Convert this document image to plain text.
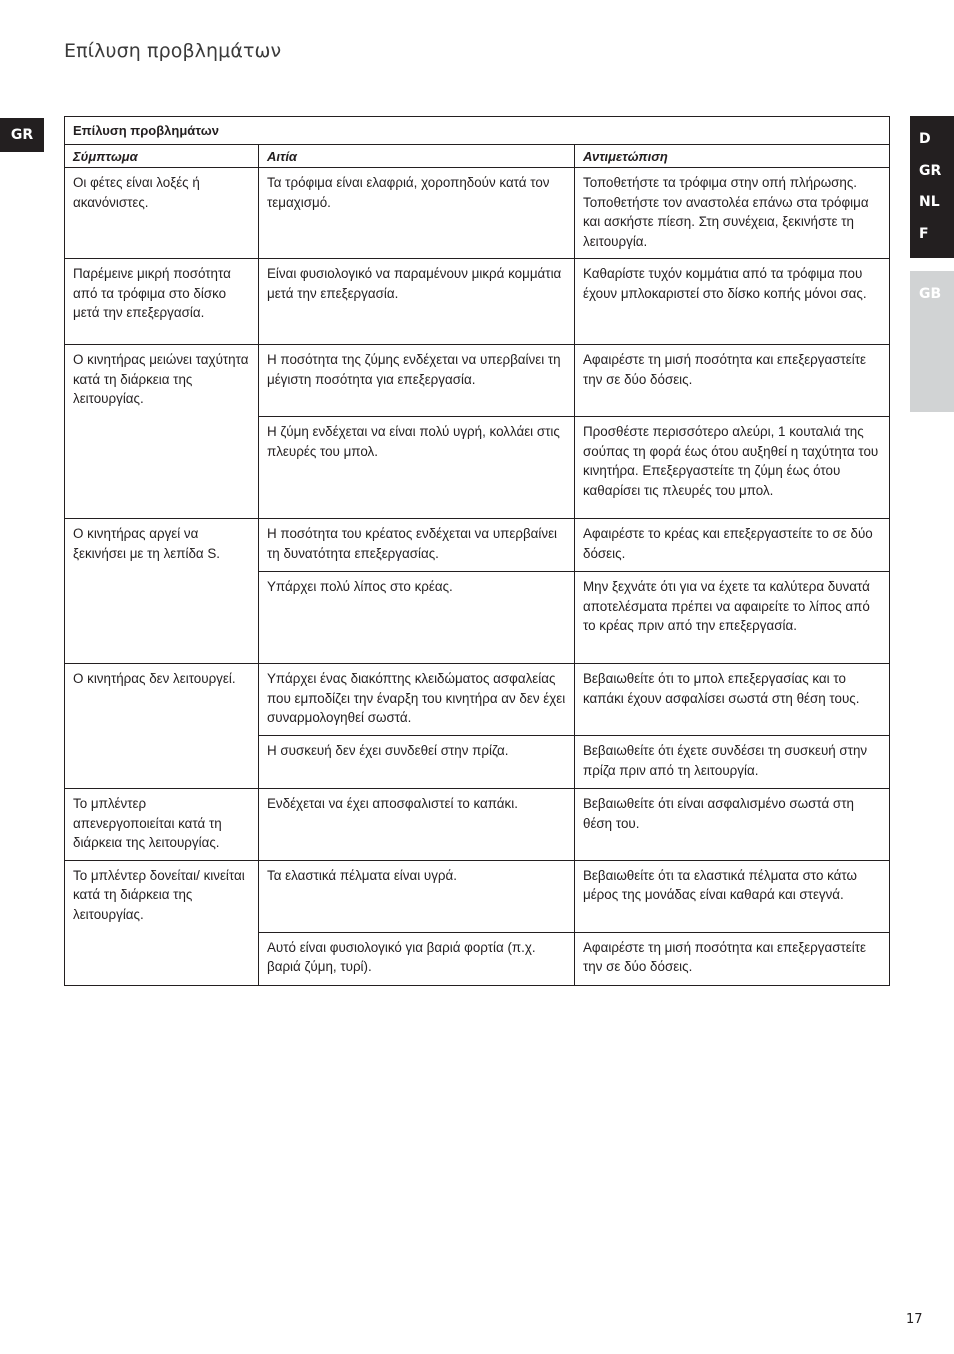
Επίλυση προβλημάτων
GR	D
GR
NL
F
GB
Επίλυση προβλημάτων		
Σύμπτωμα	Αιτία	Αντιμετώπιση
Οι φέτες είναι λοξές ή ακανόνιστες.	Τα τρόφιμα είναι ελαφριά, χοροπηδούν κατά τον τεμαχισμό.	Τοποθετήστε τα τρόφιμα στην οπή πλήρωσης. Τοποθετήστε τον αναστολέα επάνω στα τρόφιμα και ασκήστε πίεση. Στη συνέχεια, ξεκινήστε τη λειτουργία.
Παρέμεινε μικρή ποσότητα από τα τρόφιμα στο δίσκο μετά την επεξεργασία.	Είναι φυσιολογικό να παραμένουν μικρά κομμάτια μετά την επεξεργασία.	Καθαρίστε τυχόν κομμάτια από τα τρόφιμα που έχουν μπλοκαριστεί στο δίσκο κοπής μόνοι σας.
Ο κινητήρας μειώνει ταχύτητα κατά τη διάρκεια της λειτουργίας.	Η ποσότητα της ζύμης ενδέχεται να υπερβαίνει τη μέγιστη ποσότητα για επεξεργασία.	Αφαιρέστε τη μισή ποσότητα και επεξεργαστείτε την σε δύο δόσεις.
	Η ζύμη ενδέχεται να είναι πολύ υγρή, κολλάει στις πλευρές του μπολ.	Προσθέστε περισσότερο αλεύρι, 1 κουταλιά της σούπας τη φορά έως ότου αυξηθεί η ταχύτητα του κινητήρα. Επεξεργαστείτε τη ζύμη έως ότου καθαρίσει τις πλευρές του μπολ.
Ο κινητήρας αργεί να ξεκινήσει με τη λεπίδα S.	Η ποσότητα του κρέατος ενδέχεται να υπερβαίνει τη δυνατότητα επεξεργασίας.	Αφαιρέστε το κρέας και επεξεργαστείτε το σε δύο δόσεις.
	Υπάρχει πολύ λίπος στο κρέας.	Μην ξεχνάτε ότι για να έχετε τα καλύτερα δυνατά αποτελέσματα πρέπει να αφαιρείτε το λίπος από το κρέας πριν από την επεξεργασία.
Ο κινητήρας δεν λειτουργεί.	Υπάρχει ένας διακόπτης κλειδώματος ασφαλείας που εμποδίζει την έναρξη του κινητήρα αν δεν έχει συναρμολογηθεί σωστά.	Βεβαιωθείτε ότι το μπολ επεξεργασίας και το καπάκι έχουν ασφαλίσει σωστά στη θέση τους.
	Η συσκευή δεν έχει συνδεθεί στην πρίζα.	Βεβαιωθείτε ότι έχετε συνδέσει τη συσκευή στην πρίζα πριν από τη λειτουργία.
Το μπλέντερ απενεργοποιείται κατά τη διάρκεια της λειτουργίας.	Ενδέχεται να έχει αποσφαλιστεί το καπάκι.	Βεβαιωθείτε ότι είναι ασφαλισμένο σωστά στη θέση του.
Το μπλέντερ δονείται/ κινείται κατά τη διάρκεια της λειτουργίας.	Τα ελαστικά πέλματα είναι υγρά.	Βεβαιωθείτε ότι τα ελαστικά πέλματα στο κάτω μέρος της μονάδας είναι καθαρά και στεγνά.
	Αυτό είναι φυσιολογικό για βαριά φορτία (π.χ. βαριά ζύμη, τυρί).	Αφαιρέστε τη μισή ποσότητα και επεξεργαστείτε την σε δύο δόσεις.
17
